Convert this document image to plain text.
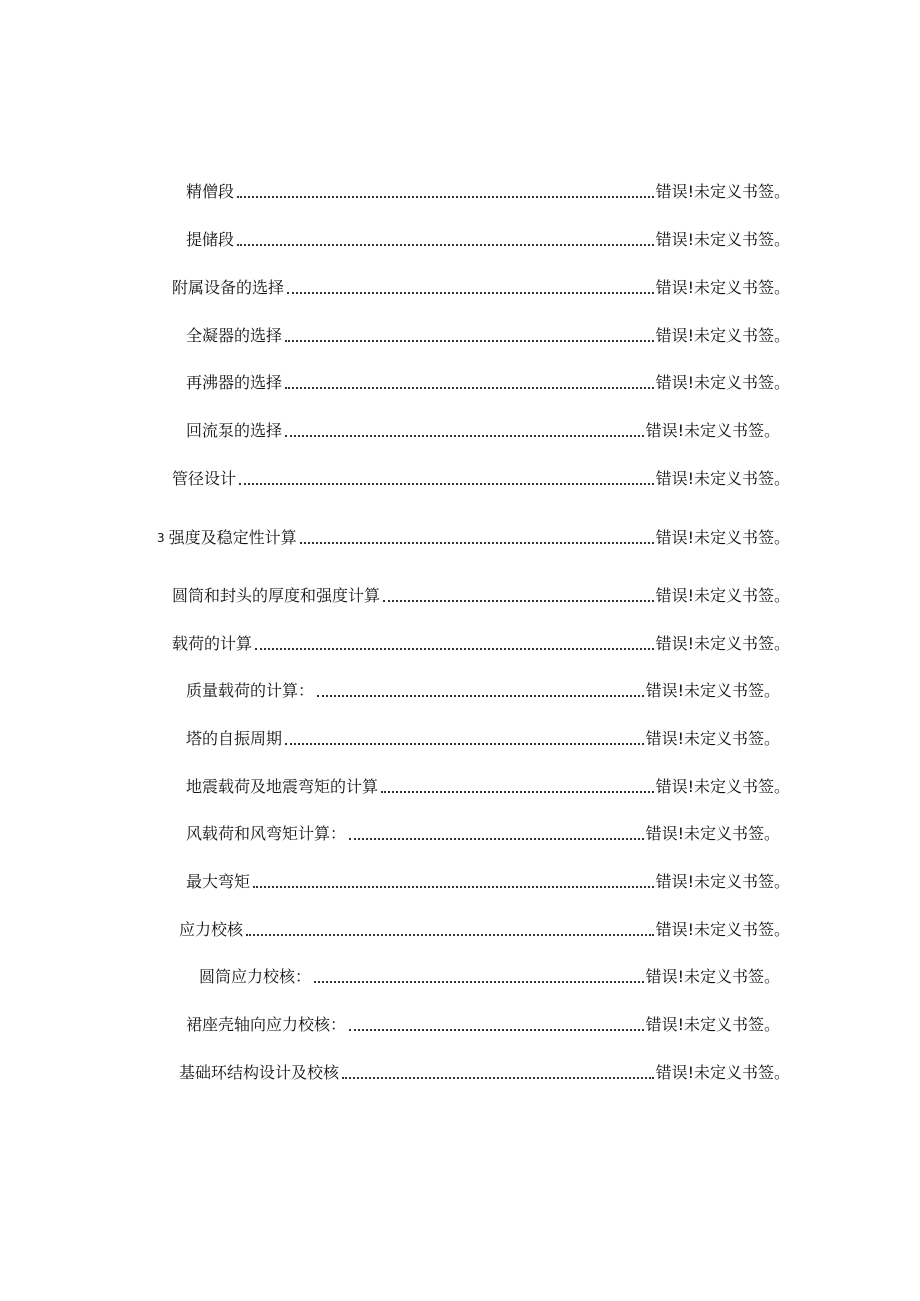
精僧段	错误!未定义书签。
提储段	错误!未定义书签。
附属设备的选择	错误!未定义书签。
全凝器的选择	错误!未定义书签。
再沸器的选择	错误!未定义书签。
回流泵的选择	错误!未定义书签。
管径设计	错误!未定义书签。
3 强度及稳定性计算	错误!未定义书签。
圆筒和封头的厚度和强度计算	错误!未定义书签。
载荷的计算	错误!未定义书签。
质量载荷的计算：	错误!未定义书签。
塔的自振周期	错误!未定义书签。
地震载荷及地震弯矩的计算	错误!未定义书签。
风载荷和风弯矩计算：	错误!未定义书签。
最大弯矩	错误!未定义书签。
应力校核	错误!未定义书签。
圆筒应力校核：	错误!未定义书签。
裙座壳轴向应力校核：	错误!未定义书签。
基础环结构设计及校核	错误!未定义书签。
